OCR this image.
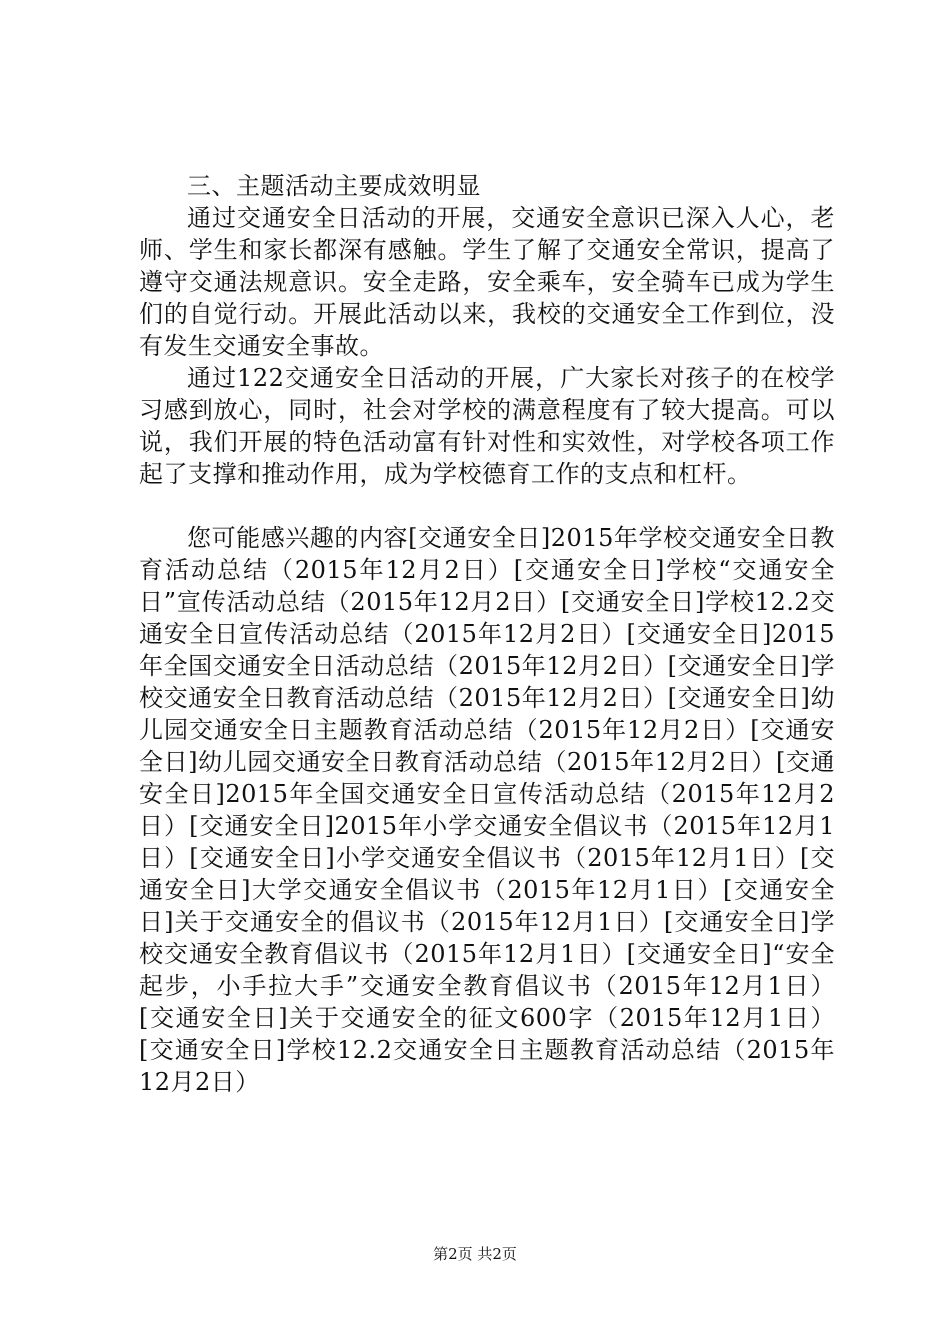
三、主题活动主要成效明显

通过交通安全日活动的开展，交通安全意识已深入人心，老师、学生和家长都深有感触。学生了解了交通安全常识，提高了遵守交通法规意识。安全走路，安全乘车，安全骑车已成为学生们的自觉行动。开展此活动以来，我校的交通安全工作到位，没有发生交通安全事故。

通过122交通安全日活动的开展，广大家长对孩子的在校学习感到放心，同时，社会对学校的满意程度有了较大提高。可以说，我们开展的特色活动富有针对性和实效性，对学校各项工作起了支撑和推动作用，成为学校德育工作的支点和杠杆。

您可能感兴趣的内容[交通安全日]2015年学校交通安全日教育活动总结（2015年12月2日）[交通安全日]学校“交通安全日”宣传活动总结（2015年12月2日）[交通安全日]学校12.2交通安全日宣传活动总结（2015年12月2日）[交通安全日]2015年全国交通安全日活动总结（2015年12月2日）[交通安全日]学校交通安全日教育活动总结（2015年12月2日）[交通安全日]幼儿园交通安全日主题教育活动总结（2015年12月2日）[交通安全日]幼儿园交通安全日教育活动总结（2015年12月2日）[交通安全日]2015年全国交通安全日宣传活动总结（2015年12月2日）[交通安全日]2015年小学交通安全倡议书（2015年12月1日）[交通安全日]小学交通安全倡议书（2015年12月1日）[交通安全日]大学交通安全倡议书（2015年12月1日）[交通安全日]关于交通安全的倡议书（2015年12月1日）[交通安全日]学校交通安全教育倡议书（2015年12月1日）[交通安全日]“安全起步，小手拉大手”交通安全教育倡议书（2015年12月1日）[交通安全日]关于交通安全的征文600字（2015年12月1日）[交通安全日]学校12.2交通安全日主题教育活动总结（2015年12月2日）

第2页 共2页
